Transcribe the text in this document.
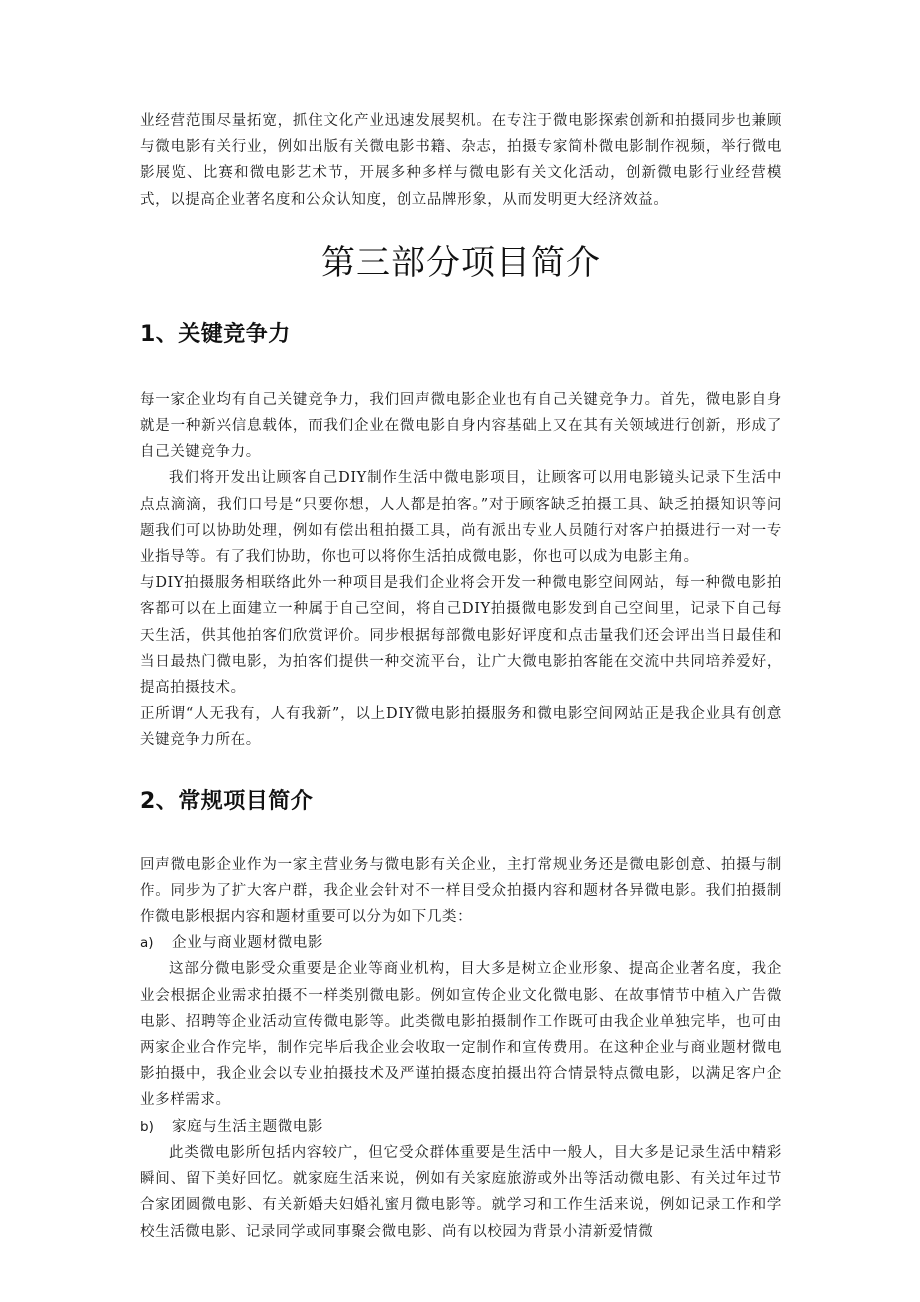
业经营范围尽量拓宽，抓住文化产业迅速发展契机。在专注于微电影探索创新和拍摄同步也兼顾与微电影有关行业，例如出版有关微电影书籍、杂志，拍摄专家简朴微电影制作视频，举行微电影展览、比赛和微电影艺术节，开展多种多样与微电影有关文化活动，创新微电影行业经营模式，以提高企业著名度和公众认知度，创立品牌形象，从而发明更大经济效益。

第三部分项目简介
1、关键竞争力

每一家企业均有自己关键竞争力，我们回声微电影企业也有自己关键竞争力。首先，微电影自身就是一种新兴信息载体，而我们企业在微电影自身内容基础上又在其有关领域进行创新，形成了自己关键竞争力。

我们将开发出让顾客自己DIY制作生活中微电影项目，让顾客可以用电影镜头记录下生活中点点滴滴，我们口号是“只要你想，人人都是拍客。”对于顾客缺乏拍摄工具、缺乏拍摄知识等问题我们可以协助处理，例如有偿出租拍摄工具，尚有派出专业人员随行对客户拍摄进行一对一专业指导等。有了我们协助，你也可以将你生活拍成微电影，你也可以成为电影主角。

与DIY拍摄服务相联络此外一种项目是我们企业将会开发一种微电影空间网站，每一种微电影拍客都可以在上面建立一种属于自己空间，将自己DIY拍摄微电影发到自己空间里，记录下自己每天生活，供其他拍客们欣赏评价。同步根据每部微电影好评度和点击量我们还会评出当日最佳和当日最热门微电影，为拍客们提供一种交流平台，让广大微电影拍客能在交流中共同培养爱好，提高拍摄技术。

正所谓“人无我有，人有我新”，以上DIY微电影拍摄服务和微电影空间网站正是我企业具有创意关键竞争力所在。

2、常规项目简介

回声微电影企业作为一家主营业务与微电影有关企业，主打常规业务还是微电影创意、拍摄与制作。同步为了扩大客户群，我企业会针对不一样目受众拍摄内容和题材各异微电影。我们拍摄制作微电影根据内容和题材重要可以分为如下几类：

a)	企业与商业题材微电影

这部分微电影受众重要是企业等商业机构，目大多是树立企业形象、提高企业著名度，我企业会根据企业需求拍摄不一样类别微电影。例如宣传企业文化微电影、在故事情节中植入广告微电影、招聘等企业活动宣传微电影等。此类微电影拍摄制作工作既可由我企业单独完毕，也可由两家企业合作完毕，制作完毕后我企业会收取一定制作和宣传费用。在这种企业与商业题材微电影拍摄中，我企业会以专业拍摄技术及严谨拍摄态度拍摄出符合情景特点微电影，以满足客户企业多样需求。

b)	家庭与生活主题微电影

此类微电影所包括内容较广，但它受众群体重要是生活中一般人，目大多是记录生活中精彩瞬间、留下美好回忆。就家庭生活来说，例如有关家庭旅游或外出等活动微电影、有关过年过节合家团圆微电影、有关新婚夫妇婚礼蜜月微电影等。就学习和工作生活来说，例如记录工作和学校生活微电影、记录同学或同事聚会微电影、尚有以校园为背景小清新爱情微
